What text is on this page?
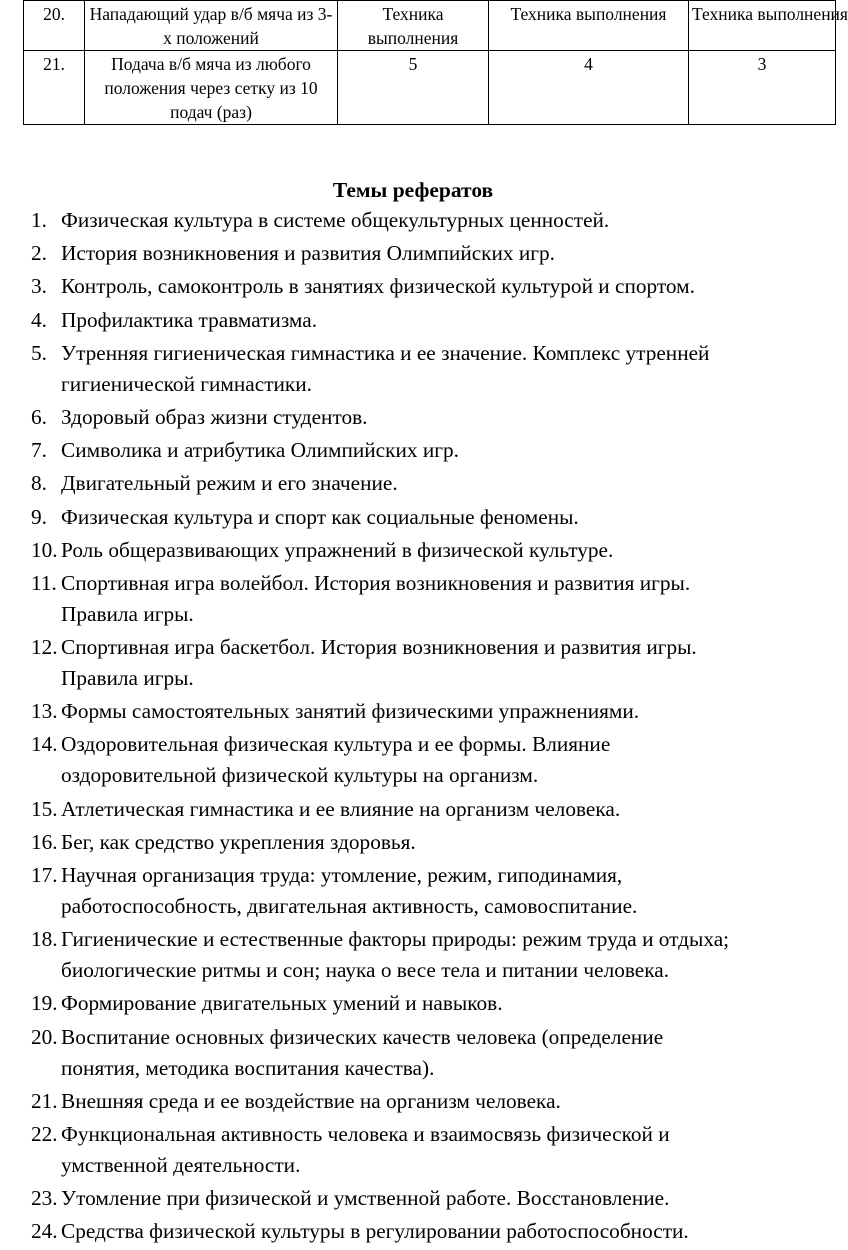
20.	Нападающий удар в/б мяча из 3-х положений	Техника выполнения	Техника выполнения	Техника выполнения
21.	Подача в/б мяча из любого положения через сетку из 10 подач (раз)	5	4	3
Темы рефератов
1. Физическая культура в системе общекультурных ценностей.
2. История возникновения и развития Олимпийских игр.
3. Контроль, самоконтроль в занятиях физической культурой и спортом.
4. Профилактика травматизма.
5. Утренняя гигиеническая гимнастика и ее значение. Комплекс утренней
гигиенической гимнастики.
6. Здоровый образ жизни студентов.
7. Символика и атрибутика Олимпийских игр.
8. Двигательный режим и его значение.
9. Физическая культура и спорт как социальные феномены.
10. Роль общеразвивающих упражнений в физической культуре.
11. Спортивная игра волейбол. История возникновения и развития игры.
Правила игры.
12. Спортивная игра баскетбол. История возникновения и развития игры.
Правила игры.
13. Формы самостоятельных занятий физическими упражнениями.
14. Оздоровительная физическая культура и ее формы. Влияние
оздоровительной физической культуры на организм.
15. Атлетическая гимнастика и ее влияние на организм человека.
16. Бег, как средство укрепления здоровья.
17. Научная организация труда: утомление, режим, гиподинамия,
работоспособность, двигательная активность, самовоспитание.
18. Гигиенические и естественные факторы природы: режим труда и отдыха;
биологические ритмы и сон; наука о весе тела и питании человека.
19. Формирование двигательных умений и навыков.
20. Воспитание основных физических качеств человека (определение
понятия, методика воспитания качества).
21. Внешняя среда и ее воздействие на организм человека.
22. Функциональная активность человека и взаимосвязь физической и
умственной деятельности.
23. Утомление при физической и умственной работе. Восстановление.
24. Средства физической культуры в регулировании работоспособности.
